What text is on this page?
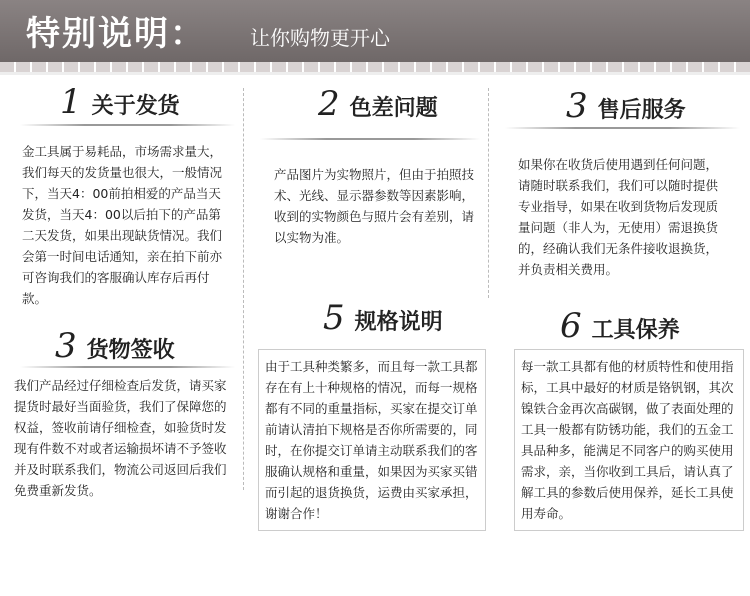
特别说明： 让你购物更开心
1 关于发货
金工具属于易耗品，市场需求量大，我们每天的发货量也很大，一般情况下，当天4：00前拍相爱的产品当天发货，当天4：00以后拍下的产品第二天发货，如果出现缺货情况。我们会第一时间电话通知，亲在拍下前亦可咨询我们的客服确认库存后再付款。
2 色差问题
产品图片为实物照片，但由于拍照技术、光线、显示器参数等因素影响，收到的实物颜色与照片会有差别，请以实物为准。
3 售后服务
如果你在收货后使用遇到任何问题，请随时联系我们，我们可以随时提供专业指导，如果在收到货物后发现质量问题（非人为，无使用）需退换货的，经确认我们无条件接收退换货，并负责相关费用。
3 货物签收
我们产品经过仔细检查后发货，请买家提货时最好当面验货，我们了保障您的权益，签收前请仔细检查，如验货时发现有件数不对或者运输损坏请不予签收并及时联系我们，物流公司返回后我们免费重新发货。
5 规格说明
由于工具种类繁多，而且每一款工具都存在有上十种规格的情况，而每一规格都有不同的重量指标，买家在提交订单前请认清拍下规格是否你所需要的，同时，在你提交订单请主动联系我们的客服确认规格和重量，如果因为买家买错而引起的退货换货，运费由买家承担，谢谢合作！
6 工具保养
每一款工具都有他的材质特性和使用指标，工具中最好的材质是铬钒钢，其次镍铁合金再次高碳钢，做了表面处理的工具一般都有防锈功能，我们的五金工具品种多，能满足不同客户的购买使用需求，亲，当你收到工具后，请认真了解工具的参数后使用保养，延长工具使用寿命。
